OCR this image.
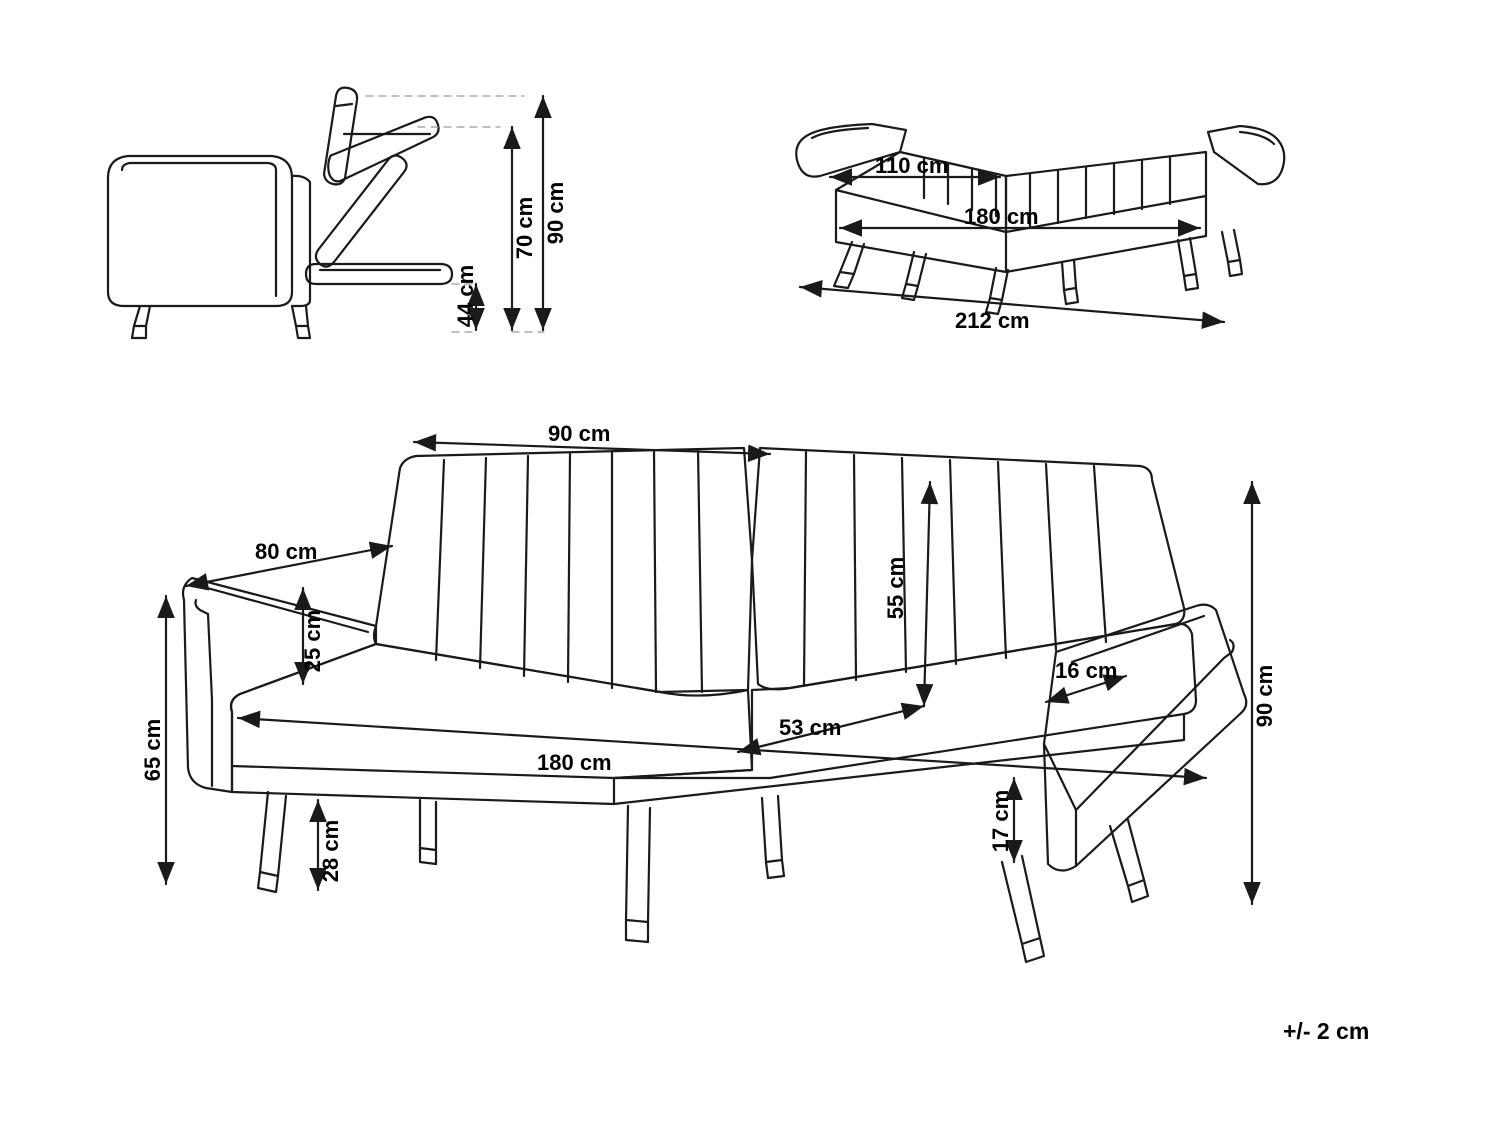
90 cm
70 cm
44 cm
110 cm
180 cm
212 cm
90 cm
80 cm
25 cm
65 cm
28 cm
180 cm
53 cm
55 cm
16 cm
17 cm
90 cm
+/- 2 cm
